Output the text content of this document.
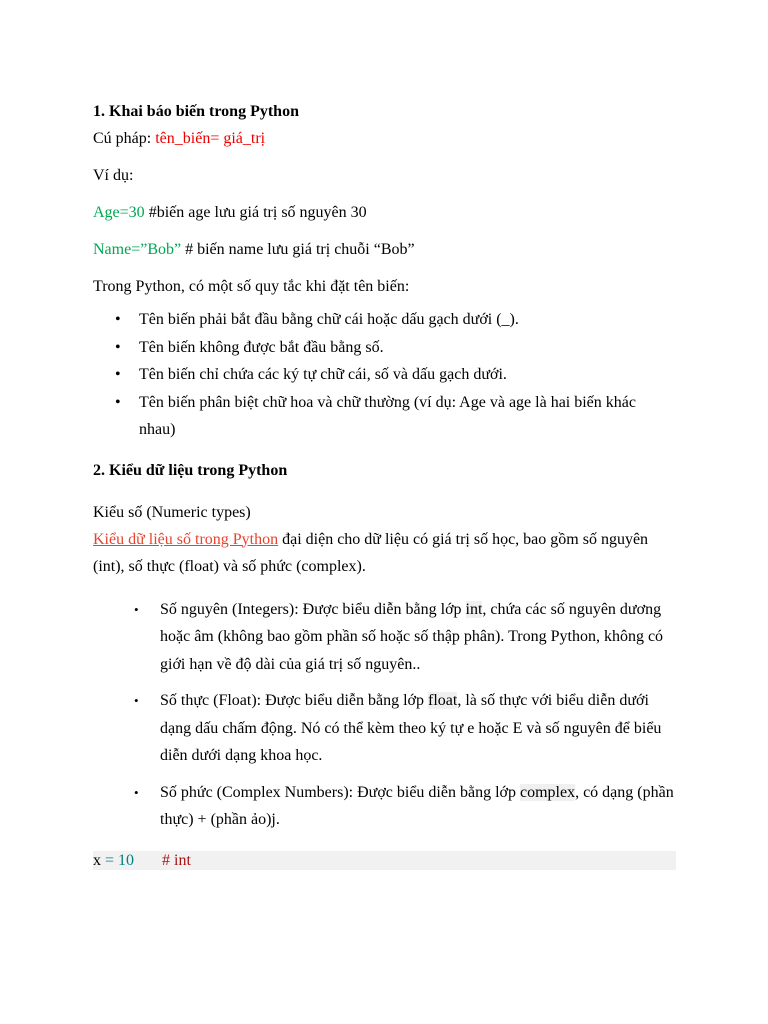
1. Khai báo biến trong Python

Cú pháp: tên_biến= giá_trị

Ví dụ:

Age=30 #biến age lưu giá trị số nguyên 30

Name=”Bob” # biến name lưu giá trị chuỗi “Bob”

Trong Python, có một số quy tắc khi đặt tên biến:

• Tên biến phải bắt đầu bằng chữ cái hoặc dấu gạch dưới (_).
• Tên biến không được bắt đầu bằng số.
• Tên biến chỉ chứa các ký tự chữ cái, số và dấu gạch dưới.
• Tên biến phân biệt chữ hoa và chữ thường (ví dụ: Age và age là hai biến khác nhau)

2. Kiểu dữ liệu trong Python

Kiểu số (Numeric types)

Kiểu dữ liệu số trong Python đại diện cho dữ liệu có giá trị số học, bao gồm số nguyên (int), số thực (float) và số phức (complex).

• Số nguyên (Integers): Được biểu diễn bằng lớp int, chứa các số nguyên dương hoặc âm (không bao gồm phần số hoặc số thập phân). Trong Python, không có giới hạn về độ dài của giá trị số nguyên..
• Số thực (Float): Được biểu diễn bằng lớp float, là số thực với biểu diễn dưới dạng dấu chấm động. Nó có thể kèm theo ký tự e hoặc E và số nguyên để biểu diễn dưới dạng khoa học.
• Số phức (Complex Numbers): Được biểu diễn bằng lớp complex, có dạng (phần thực) + (phần ảo)j.
x = 10 # int
